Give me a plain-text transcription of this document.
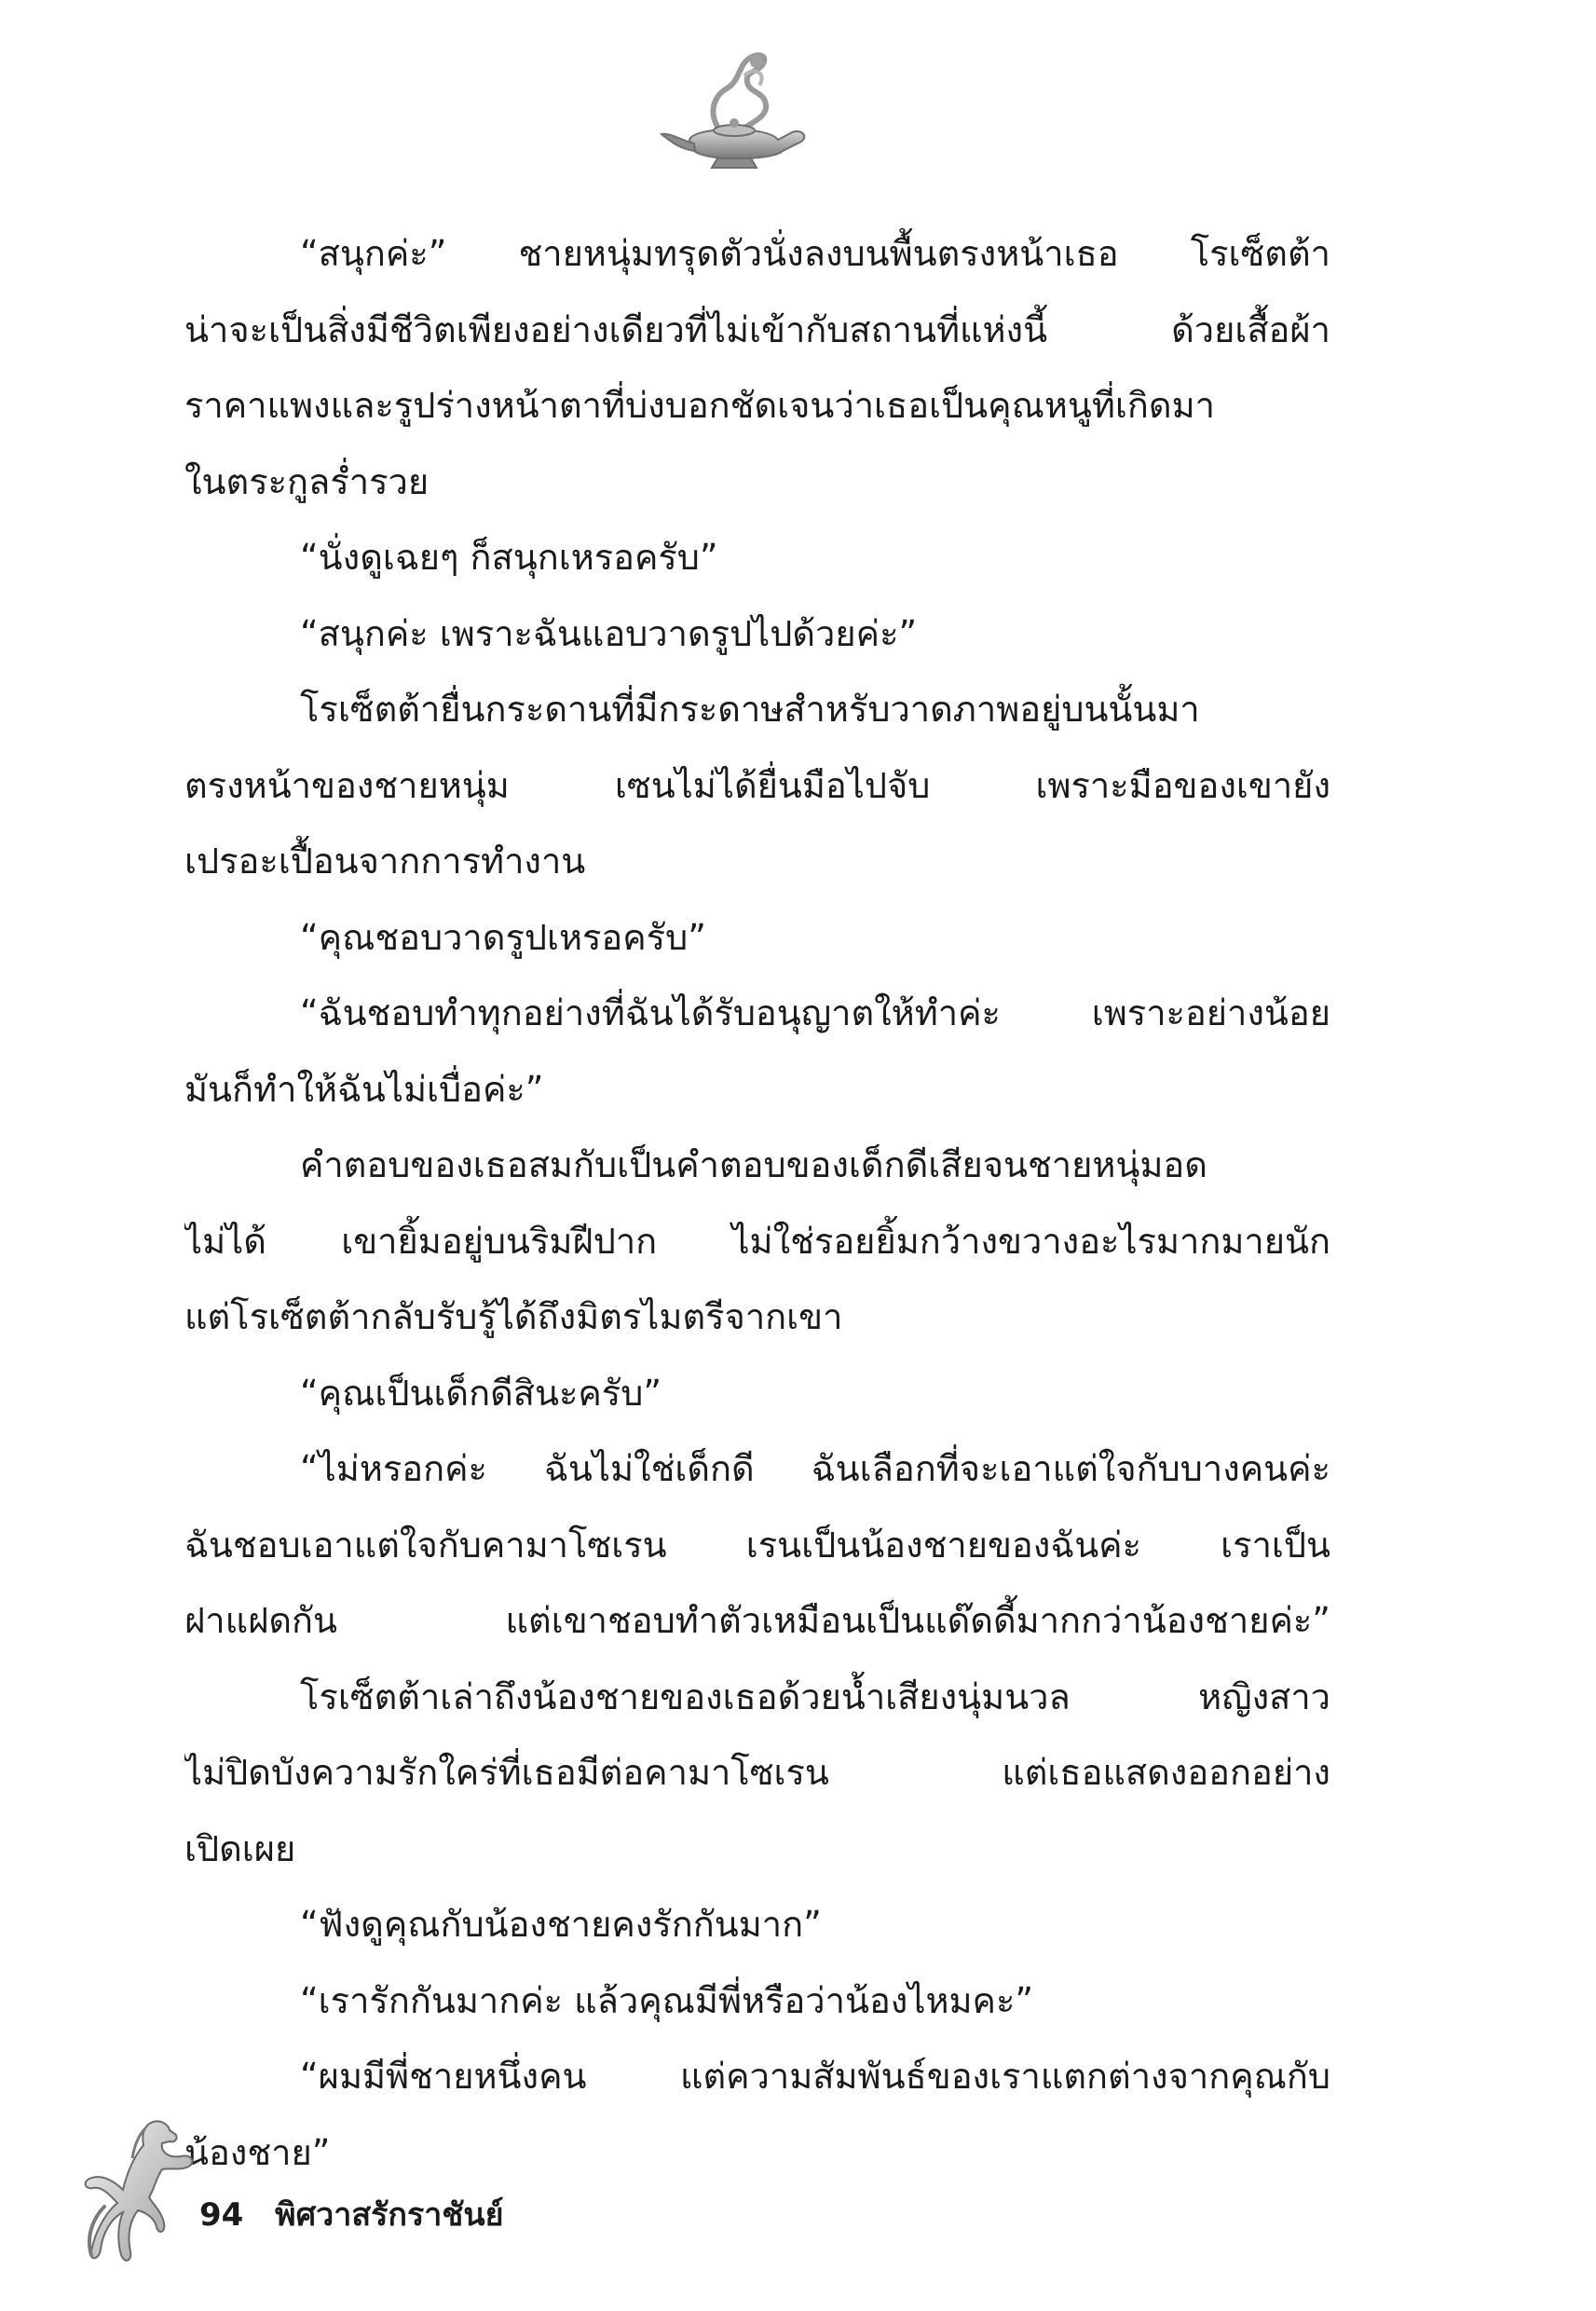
“สนุกค่ะ” ชายหนุ่มทรุดตัวนั่งลงบนพื้นตรงหน้าเธอ โรเซ็ตต้า
น่าจะเป็นสิ่งมีชีวิตเพียงอย่างเดียวที่ไม่เข้ากับสถานที่แห่งนี้ ด้วยเสื้อผ้า
ราคาแพงและรูปร่างหน้าตาที่บ่งบอกชัดเจนว่าเธอเป็นคุณหนูที่เกิดมา
ในตระกูลร่ำรวย
“นั่งดูเฉยๆ ก็สนุกเหรอครับ”
“สนุกค่ะ เพราะฉันแอบวาดรูปไปด้วยค่ะ”
โรเซ็ตต้ายื่นกระดานที่มีกระดาษสำหรับวาดภาพอยู่บนนั้นมา
ตรงหน้าของชายหนุ่ม เซนไม่ได้ยื่นมือไปจับ เพราะมือของเขายัง
เปรอะเปื้อนจากการทำงาน
“คุณชอบวาดรูปเหรอครับ”
“ฉันชอบทำทุกอย่างที่ฉันได้รับอนุญาตให้ทำค่ะ เพราะอย่างน้อย
มันก็ทำให้ฉันไม่เบื่อค่ะ”
คำตอบของเธอสมกับเป็นคำตอบของเด็กดีเสียจนชายหนุ่มอด
ไม่ได้ เขายิ้มอยู่บนริมฝีปาก ไม่ใช่รอยยิ้มกว้างขวางอะไรมากมายนัก
แต่โรเซ็ตต้ากลับรับรู้ได้ถึงมิตรไมตรีจากเขา
“คุณเป็นเด็กดีสินะครับ”
“ไม่หรอกค่ะ ฉันไม่ใช่เด็กดี ฉันเลือกที่จะเอาแต่ใจกับบางคนค่ะ
ฉันชอบเอาแต่ใจกับคามาโซเรน เรนเป็นน้องชายของฉันค่ะ เราเป็น
ฝาแฝดกัน แต่เขาชอบทำตัวเหมือนเป็นแด๊ดดี้มากกว่าน้องชายค่ะ”
โรเซ็ตต้าเล่าถึงน้องชายของเธอด้วยน้ำเสียงนุ่มนวล หญิงสาว
ไม่ปิดบังความรักใคร่ที่เธอมีต่อคามาโซเรน แต่เธอแสดงออกอย่าง
เปิดเผย
“ฟังดูคุณกับน้องชายคงรักกันมาก”
“เรารักกันมากค่ะ แล้วคุณมีพี่หรือว่าน้องไหมคะ”
“ผมมีพี่ชายหนึ่งคน แต่ความสัมพันธ์ของเราแตกต่างจากคุณกับ
น้องชาย”
94 พิศวาสรักราชันย์
